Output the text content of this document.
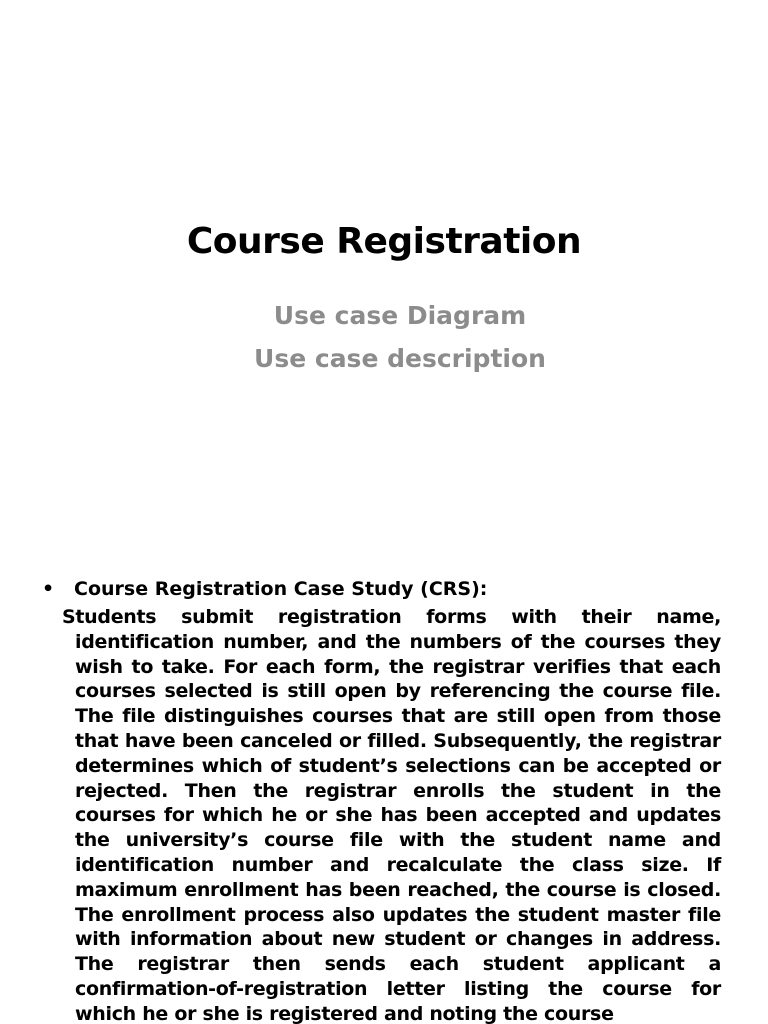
Course Registration
Use case Diagram
Use case description
• Course Registration Case Study (CRS):
Students submit registration forms with their name, identification number, and the numbers of the courses they wish to take. For each form, the registrar verifies that each courses selected is still open by referencing the course file. The file distinguishes courses that are still open from those that have been canceled or filled. Subsequently, the registrar determines which of student’s selections can be accepted or rejected. Then the registrar enrolls the student in the courses for which he or she has been accepted and updates the university’s course file with the student name and identification number and recalculate the class size. If maximum enrollment has been reached, the course is closed. The enrollment process also updates the student master file with information about new student or changes in address. The registrar then sends each student applicant a confirmation-of-registration letter listing the course for which he or she is registered and noting the course
